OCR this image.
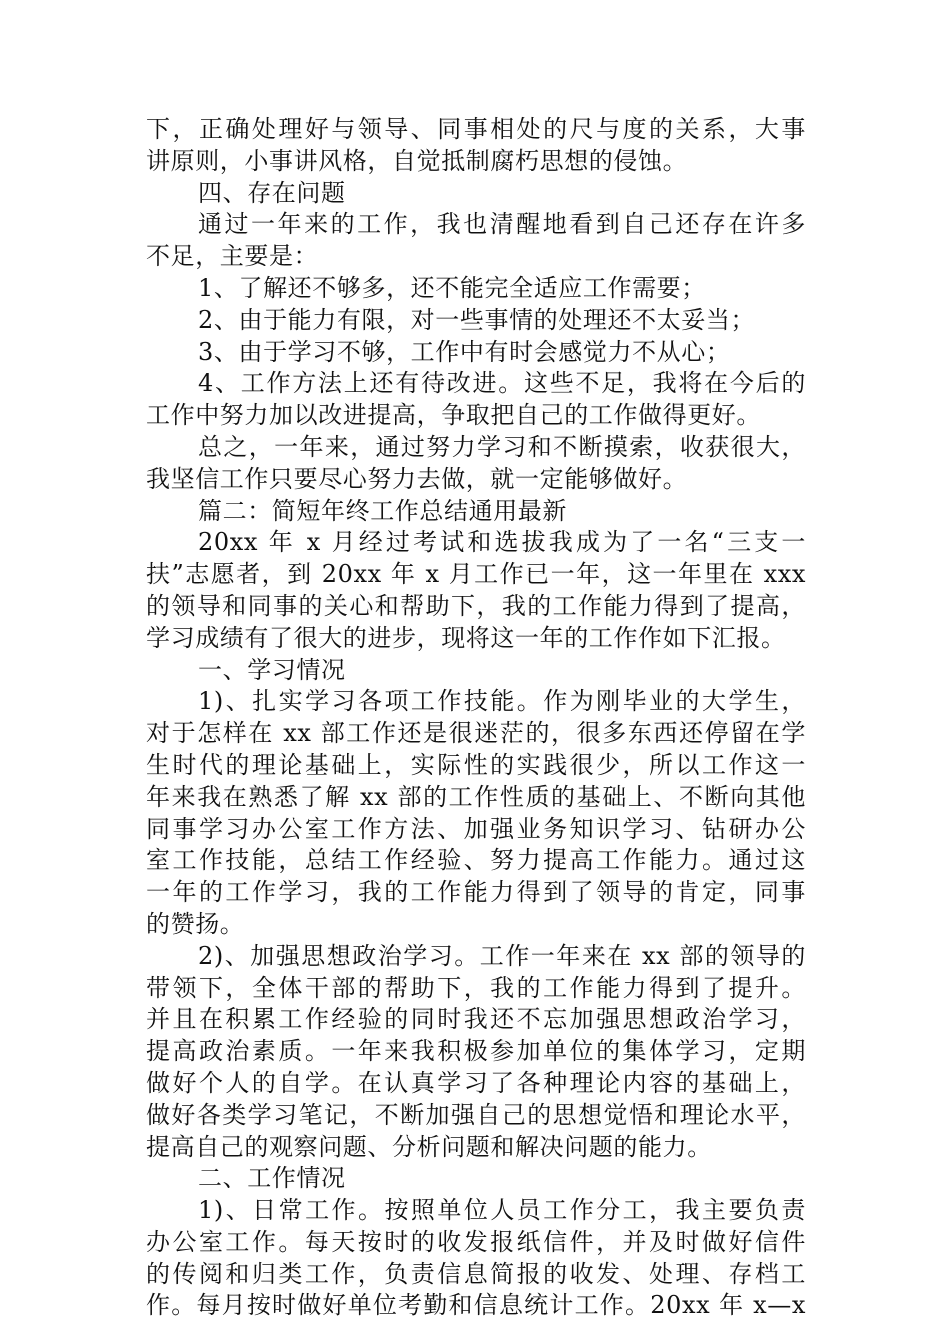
下，正确处理好与领导、同事相处的尺与度的关系，大事
讲原则，小事讲风格，自觉抵制腐朽思想的侵蚀。
四、存在问题
通过一年来的工作，我也清醒地看到自己还存在许多
不足，主要是：
1、了解还不够多，还不能完全适应工作需要；
2、由于能力有限，对一些事情的处理还不太妥当；
3、由于学习不够，工作中有时会感觉力不从心；
4、工作方法上还有待改进。这些不足，我将在今后的
工作中努力加以改进提高，争取把自己的工作做得更好。
总之，一年来，通过努力学习和不断摸索，收获很大，
我坚信工作只要尽心努力去做，就一定能够做好。
篇二：简短年终工作总结通用最新
20xx 年 x 月经过考试和选拔我成为了一名“三支一
扶”志愿者，到 20xx 年 x 月工作已一年，这一年里在 xxx
的领导和同事的关心和帮助下，我的工作能力得到了提高，
学习成绩有了很大的进步，现将这一年的工作作如下汇报。
一、学习情况
1)、扎实学习各项工作技能。作为刚毕业的大学生，
对于怎样在 xx 部工作还是很迷茫的，很多东西还停留在学
生时代的理论基础上，实际性的实践很少，所以工作这一
年来我在熟悉了解 xx 部的工作性质的基础上、不断向其他
同事学习办公室工作方法、加强业务知识学习、钻研办公
室工作技能，总结工作经验、努力提高工作能力。通过这
一年的工作学习，我的工作能力得到了领导的肯定，同事
的赞扬。
2)、加强思想政治学习。工作一年来在 xx 部的领导的
带领下，全体干部的帮助下，我的工作能力得到了提升。
并且在积累工作经验的同时我还不忘加强思想政治学习，
提高政治素质。一年来我积极参加单位的集体学习，定期
做好个人的自学。在认真学习了各种理论内容的基础上，
做好各类学习笔记，不断加强自己的思想觉悟和理论水平，
提高自己的观察问题、分析问题和解决问题的能力。
二、工作情况
1)、日常工作。按照单位人员工作分工，我主要负责
办公室工作。每天按时的收发报纸信件，并及时做好信件
的传阅和归类工作，负责信息简报的收发、处理、存档工
作。每月按时做好单位考勤和信息统计工作。20xx 年 x—x
